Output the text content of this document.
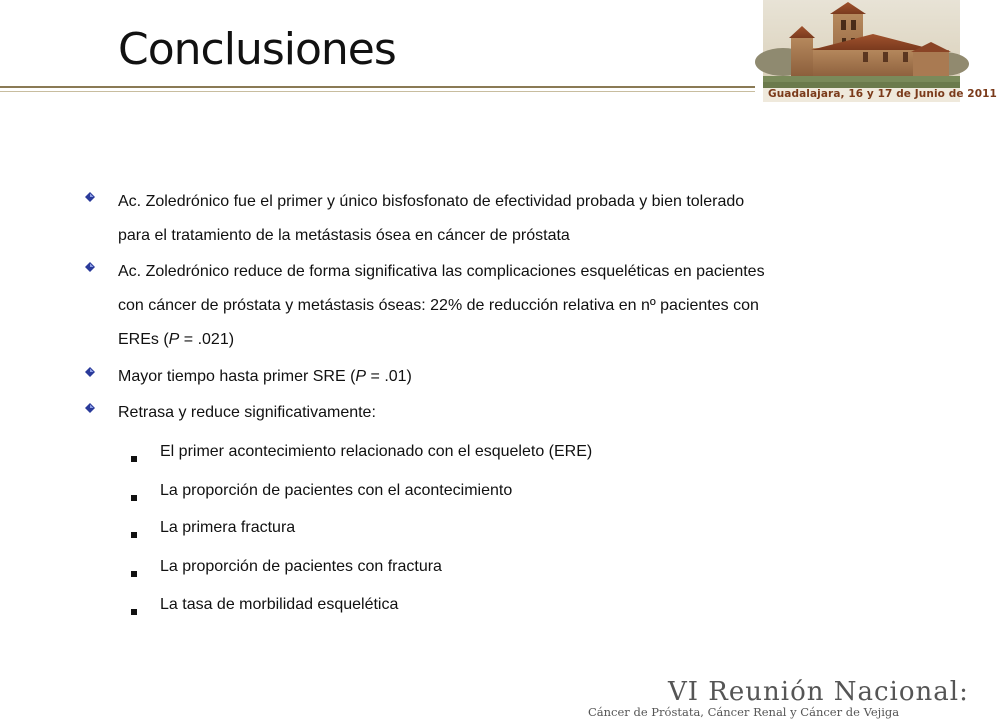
Conclusiones
Guadalajara, 16 y 17 de Junio de 2011
Ac. Zoledrónico fue el primer y único bisfosfonato de efectividad probada y bien tolerado
para el tratamiento de la metástasis ósea en cáncer de próstata
Ac. Zoledrónico reduce de forma significativa las complicaciones esqueléticas en pacientes
con cáncer de próstata y metástasis óseas: 22% de reducción relativa en nº pacientes con
EREs (P = .021)
Mayor tiempo hasta primer SRE (P = .01)
Retrasa y reduce significativamente:
El primer acontecimiento relacionado con el esqueleto (ERE)
La proporción de pacientes con el acontecimiento
La primera fractura
La proporción de pacientes con fractura
La tasa de morbilidad esquelética
VI Reunión Nacional:
Cáncer de Próstata, Cáncer Renal y Cáncer de Vejiga
